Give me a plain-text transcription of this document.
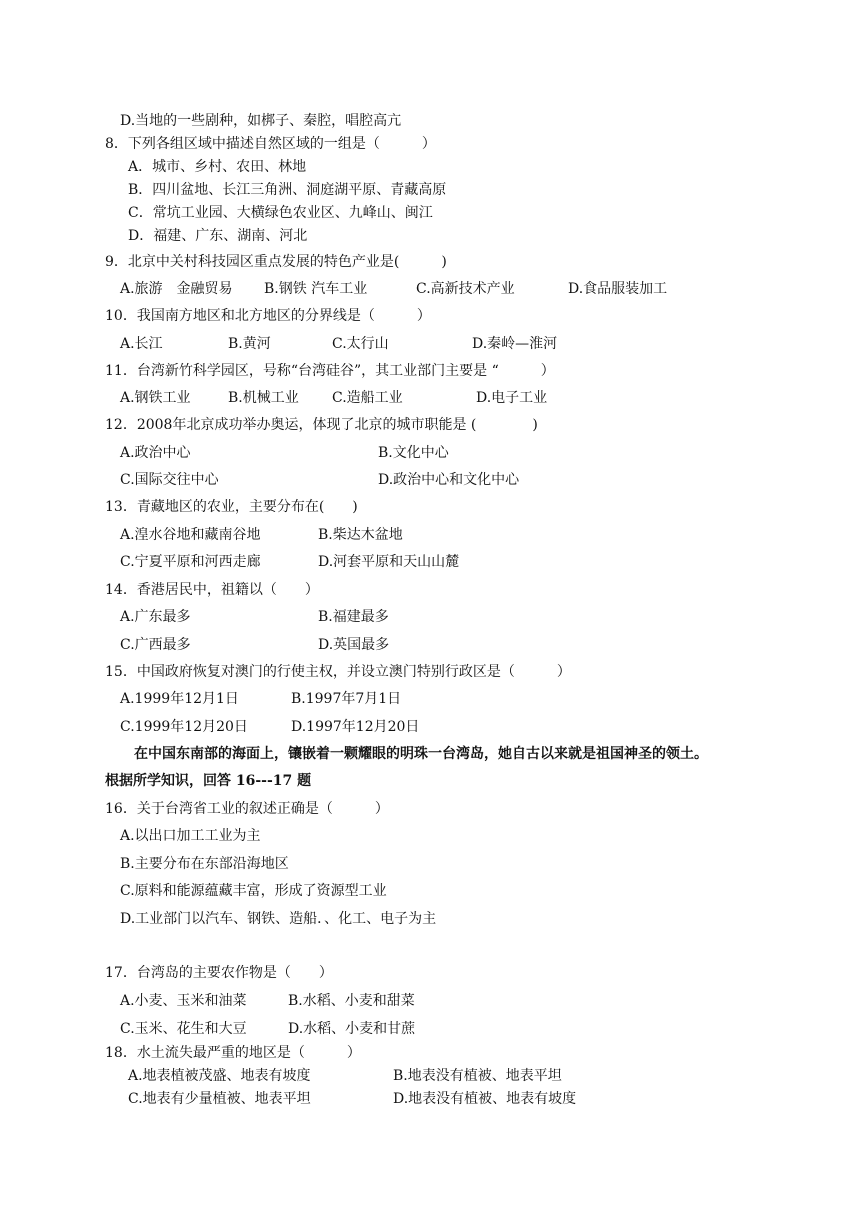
D.当地的一些剧种，如梆子、秦腔，唱腔高亢
8．下列各组区域中描述自然区域的一组是（　　　）
A．城市、乡村、农田、林地
B．四川盆地、长江三角洲、洞庭湖平原、青藏高原
C．常坑工业园、大横绿色农业区、九峰山、闽江
D．福建、广东、湖南、河北
9．北京中关村科技园区重点发展的特色产业是(　　　)
A.旅游　金融贸易 B.钢铁 汽车工业	C.高新技术产业	D.食品服装加工
10．我国南方地区和北方地区的分界线是（　　　）
A.长江	B.黄河	C.太行山	D.秦岭—淮河
11．台湾新竹科学园区，号称“台湾硅谷”，其工业部门主要是 “　　　）
A.钢铁工业	B.机械工业 C.造船工业	D.电子工业
12．2008年北京成功举办奥运，体现了北京的城市职能是 (　　　　)
A.政治中心	B.文化中心
C.国际交往中心	D.政治中心和文化中心
13．青藏地区的农业，主要分布在(　　)
A.湟水谷地和藏南谷地	B.柴达木盆地
C.宁夏平原和河西走廊	D.河套平原和天山山麓
14．香港居民中，祖籍以（　　）
A.广东最多	B.福建最多
C.广西最多	D.英国最多
15．中国政府恢复对澳门的行使主权，并设立澳门特别行政区是（　　　）
A.1999年12月1日	B.1997年7月1日
C.1999年12月20日	D.1997年12月20日
在中国东南部的海面上，镶嵌着一颗耀眼的明珠一台湾岛，她自古以来就是祖国神圣的领土。
根据所学知识，回答 16---17 题
16．关于台湾省工业的叙述正确是（　　　）
A.以出口加工工业为主
B.主要分布在东部沿海地区
C.原料和能源蕴藏丰富，形成了资源型工业
D.工业部门以汽车、钢铁、造船．、化工、电子为主
17．台湾岛的主要农作物是（　　）
A.小麦、玉米和油菜	B.水稻、小麦和甜菜
C.玉米、花生和大豆	D.水稻、小麦和甘蔗
18．水土流失最严重的地区是（　　　）
A.地表植被茂盛、地表有坡度	B.地表没有植被、地表平坦
C.地表有少量植被、地表平坦	D.地表没有植被、地表有坡度
